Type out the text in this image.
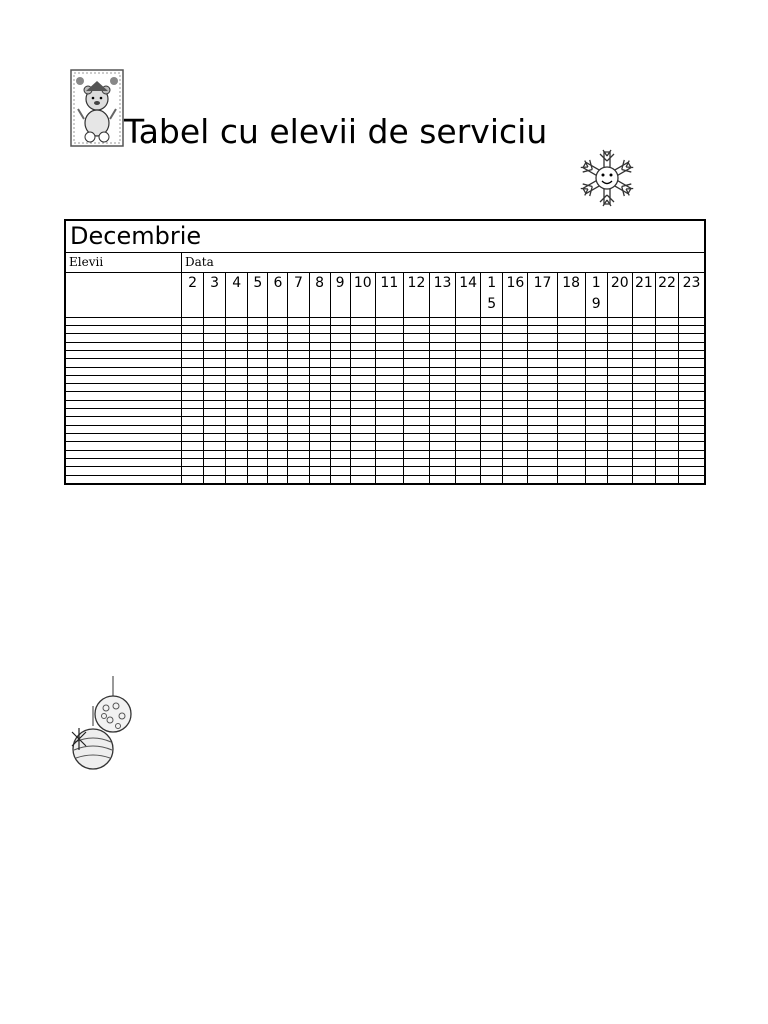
Tabel cu elevii de serviciu
Decembrie																						
Elevii	Data																					
	2	3	4	5	6	7	8	9	10	11	12	13	14	15	16	17	18	19	20	21	22	23
